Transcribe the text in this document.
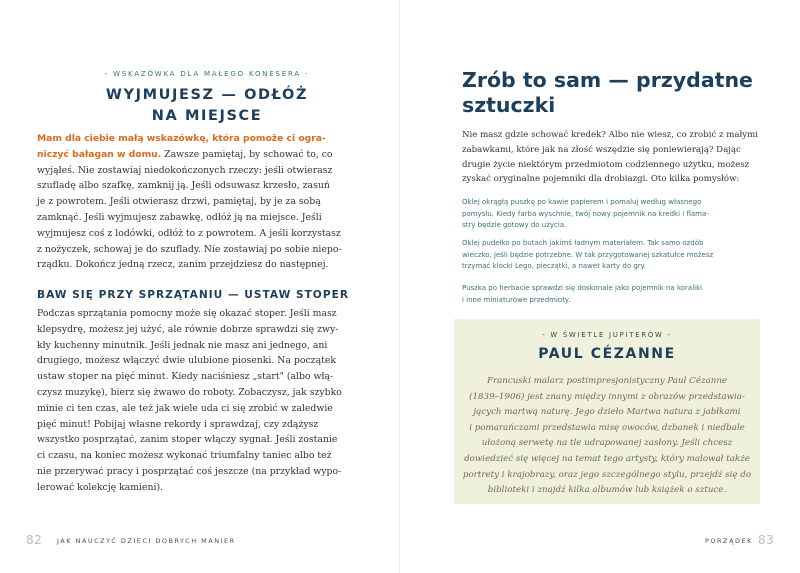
- WSKAZÓWKA DLA MAŁEGO KONESERA -
WYJMUJESZ — ODŁÓŻ
NA MIEJSCE
Mam dla ciebie małą wskazówkę, która pomoże ci ogra-
niczyć bałagan w domu. Zawsze pamiętaj, by schować to, co
wyjąłeś. Nie zostawiaj niedokończonych rzeczy: jeśli otwierasz
szufladę albo szafkę, zamknij ją. Jeśli odsuwasz krzesło, zasuń
je z powrotem. Jeśli otwierasz drzwi, pamiętaj, by je za sobą
zamknąć. Jeśli wyjmujesz zabawkę, odłóż ją na miejsce. Jeśli
wyjmujesz coś z lodówki, odłóż to z powrotem. A jeśli korzystasz
z nożyczek, schowaj je do szuflady. Nie zostawiaj po sobie niepo-
rządku. Dokończ jedną rzecz, zanim przejdziesz do następnej.
BAW SIĘ PRZY SPRZĄTANIU — USTAW STOPER
Podczas sprzątania pomocny może się okazać stoper. Jeśli masz
klepsydrę, możesz jej użyć, ale równie dobrze sprawdzi się zwy-
kły kuchenny minutnik. Jeśli jednak nie masz ani jednego, ani
drugiego, możesz włączyć dwie ulubione piosenki. Na początek
ustaw stoper na pięć minut. Kiedy naciśniesz „start" (albo włą-
czysz muzykę), bierz się żwawo do roboty. Zobaczysz, jak szybko
minie ci ten czas, ale też jak wiele uda ci się zrobić w zaledwie
pięć minut! Pobijaj własne rekordy i sprawdzaj, czy zdążysz
wszystko posprzątać, zanim stoper włączy sygnał. Jeśli zostanie
ci czasu, na koniec możesz wykonać triumfalny taniec albo też
nie przerywać pracy i posprzątać coś jeszcze (na przykład wypo-
lerować kolekcję kamieni).
82 JAK NAUCZYĆ DZIECI DOBRYCH MANIER
Zrób to sam — przydatne
sztuczki
Nie masz gdzie schować kredek? Albo nie wiesz, co zrobić z małymi
zabawkami, które jak na złość wszędzie się poniewierają? Dając
drugie życie niektórym przedmiotom codziennego użytku, możesz
zyskać oryginalne pojemniki dla drobiazgi. Oto kilka pomysłów:
Oklej okrągłą puszkę po kawie papierem i pomaluj według własnego
pomysłu. Kiedy farba wyschnie, twój nowy pojemnik na kredki i flama-
stry będzie gotowy do użycia.
Oklej pudełko po butach jakimś ładnym materiałem. Tak samo ozdób
wieczko, jeśli będzie potrzebne. W tak przygotowanej szkatułce możesz
trzymać klocki Lego, pieczątki, a nawet karty do gry.
Puszka po herbacie sprawdzi się doskonale jako pojemnik na koraliki
i inne miniaturowe przedmioty.
- W ŚWIETLE JUPITERÓW -
PAUL CÉZANNE
Francuski malarz postimpresjonistyczny Paul Cézanne
(1839–1906) jest znany między innymi z obrazów przedstawia-
jących martwą naturę. Jego dzieło Martwa natura z jabłkami
i pomarańczami przedstawia misę owoców, dzbanek i niedbale
ułożoną serwetę na tle udrapowanej zasłony. Jeśli chcesz
dowiedzieć się więcej na temat tego artysty, który malował także
portrety i krajobrazy, oraz jego szczególnego stylu, przejdź się do
biblioteki i znajdź kilka albumów lub książek o sztuce.
PORZĄDEK 83
